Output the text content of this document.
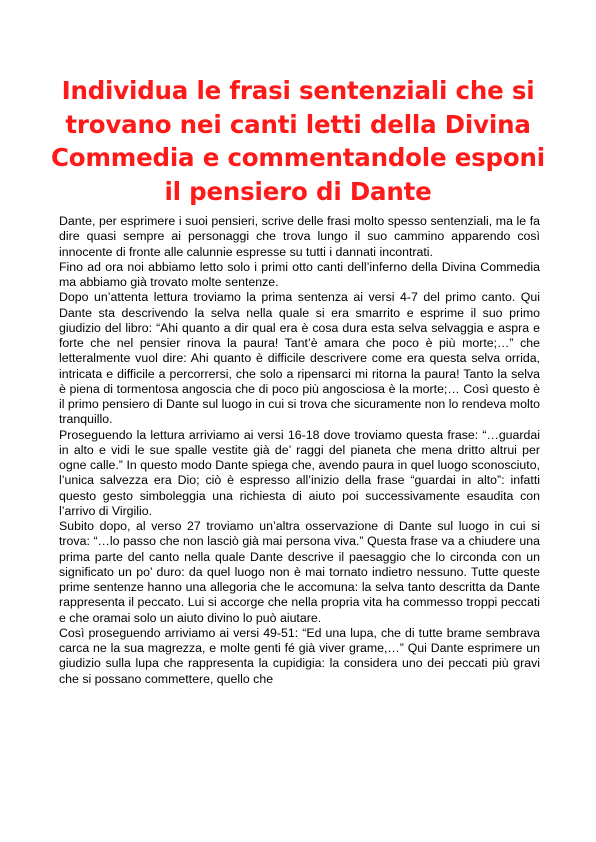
Individua le frasi sentenziali che si trovano nei canti letti della Divina Commedia e commentandole esponi il pensiero di Dante

Dante, per esprimere i suoi pensieri, scrive delle frasi molto spesso sentenziali, ma le fa dire quasi sempre ai personaggi che trova lungo il suo cammino apparendo così innocente di fronte alle calunnie espresse su tutti i dannati incontrati.

Fino ad ora noi abbiamo letto solo i primi otto canti dell’inferno della Divina Commedia ma abbiamo già trovato molte sentenze.

Dopo un’attenta lettura troviamo la prima sentenza ai versi 4-7 del primo canto. Qui Dante sta descrivendo la selva nella quale si era smarrito e esprime il suo primo giudizio del libro: “Ahi quanto a dir qual era è cosa dura esta selva selvaggia e aspra e forte che nel pensier rinova la paura! Tant’è amara che poco è più morte;…” che letteralmente vuol dire: Ahi quanto è difficile descrivere come era questa selva orrida, intricata e difficile a percorrersi, che solo a ripensarci mi ritorna la paura! Tanto la selva è piena di tormentosa angoscia che di poco più angosciosa è la morte;… Così questo è il primo pensiero di Dante sul luogo in cui si trova che sicuramente non lo rendeva molto tranquillo.

Proseguendo la lettura arriviamo ai versi 16-18 dove troviamo questa frase: “…guardai in alto e vidi le sue spalle vestite già de’ raggi del pianeta che mena dritto altrui per ogne calle.” In questo modo Dante spiega che, avendo paura in quel luogo sconosciuto, l’unica salvezza era Dio; ciò è espresso all’inizio della frase “guardai in alto”: infatti questo gesto simboleggia una richiesta di aiuto poi successivamente esaudita con l’arrivo di Virgilio.

Subito dopo, al verso 27 troviamo un’altra osservazione di Dante sul luogo in cui si trova: “…lo passo che non lasciò già mai persona viva.” Questa frase va a chiudere una prima parte del canto nella quale Dante descrive il paesaggio che lo circonda con un significato un po’ duro: da quel luogo non è mai tornato indietro nessuno. Tutte queste prime sentenze hanno una allegoria che le accomuna: la selva tanto descritta da Dante rappresenta il peccato. Lui si accorge che nella propria vita ha commesso troppi peccati e che oramai solo un aiuto divino lo può aiutare.

Così proseguendo arriviamo ai versi 49-51: “Ed una lupa, che di tutte brame sembrava carca ne la sua magrezza, e molte genti fé già viver grame,…” Qui Dante esprimere un giudizio sulla lupa che rappresenta la cupidigia: la considera uno dei peccati più gravi che si possano commettere, quello che
